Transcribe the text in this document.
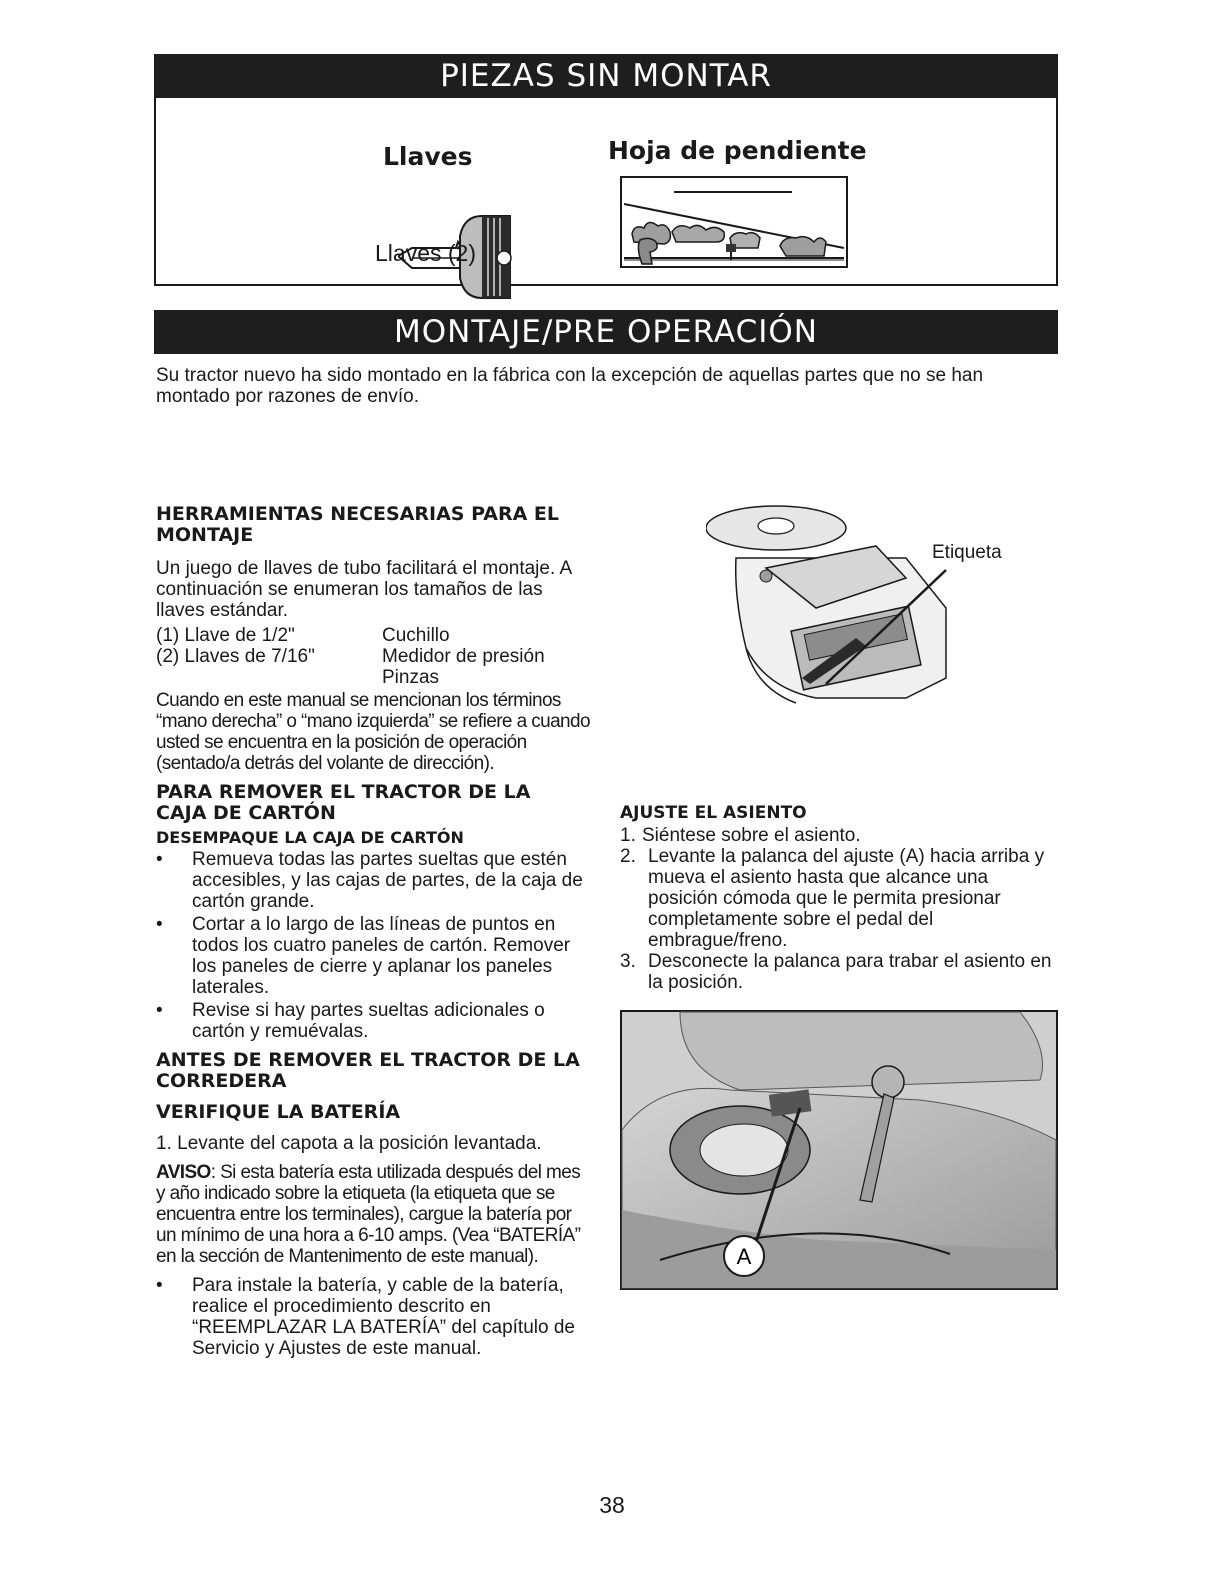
PIEZAS SIN MONTAR
Llaves	Hoja de pendiente
Llaves (2)
MONTAJE/PRE OPERACIÓN

Su tractor nuevo ha sido montado en la fábrica con la excepción de aquellas partes que no se han montado por razones de envío.

HERRAMIENTAS NECESARIAS PARA EL MONTAJE

Un juego de llaves de tubo facilitará el montaje. A continuación se enumeran los tamaños de las llaves estándar.

(1) Llave de 1/2"
(2) Llaves de 7/16"
Cuchillo
Medidor de presión
Pinzas

Cuando en este manual se mencionan los términos “mano derecha” o “mano izquierda” se refiere a cuando usted se encuentra en la posición de operación (sentado/a detrás del volante de dirección).

PARA REMOVER EL TRACTOR DE LA CAJA DE CARTÓN

DESEMPAQUE LA CAJA DE CARTÓN

• Remueva todas las partes sueltas que estén accesibles, y las cajas de partes, de la caja de cartón grande.

• Cortar a lo largo de las líneas de puntos en todos los cuatro paneles de cartón. Remover los paneles de cierre y aplanar los paneles laterales.

• Revise si hay partes sueltas adicionales o cartón y remuévalas.

ANTES DE REMOVER EL TRACTOR DE LA CORREDERA

VERIFIQUE LA BATERÍA

1. Levante del capota a la posición levantada.

AVISO: Si esta batería esta utilizada después del mes y año indicado sobre la etiqueta (la etiqueta que se encuentra entre los terminales), cargue la batería por un mínimo de una hora a 6-10 amps. (Vea “BATERÍA” en la sección de Mantenimento de este manual).

• Para instale la batería, y cable de la batería, realice el procedimiento descrito en “REEMPLAZAR LA BATERÍA” del capítulo de Servicio y Ajustes de este manual.

Etiqueta

AJUSTE EL ASIENTO

1. Siéntese sobre el asiento.

2. Levante la palanca del ajuste (A) hacia arriba y mueva el asiento hasta que alcance una posición cómoda que le permita presionar completamente sobre el pedal del embrague/freno.

3. Desconecte la palanca para trabar el asiento en la posición.

A
38
